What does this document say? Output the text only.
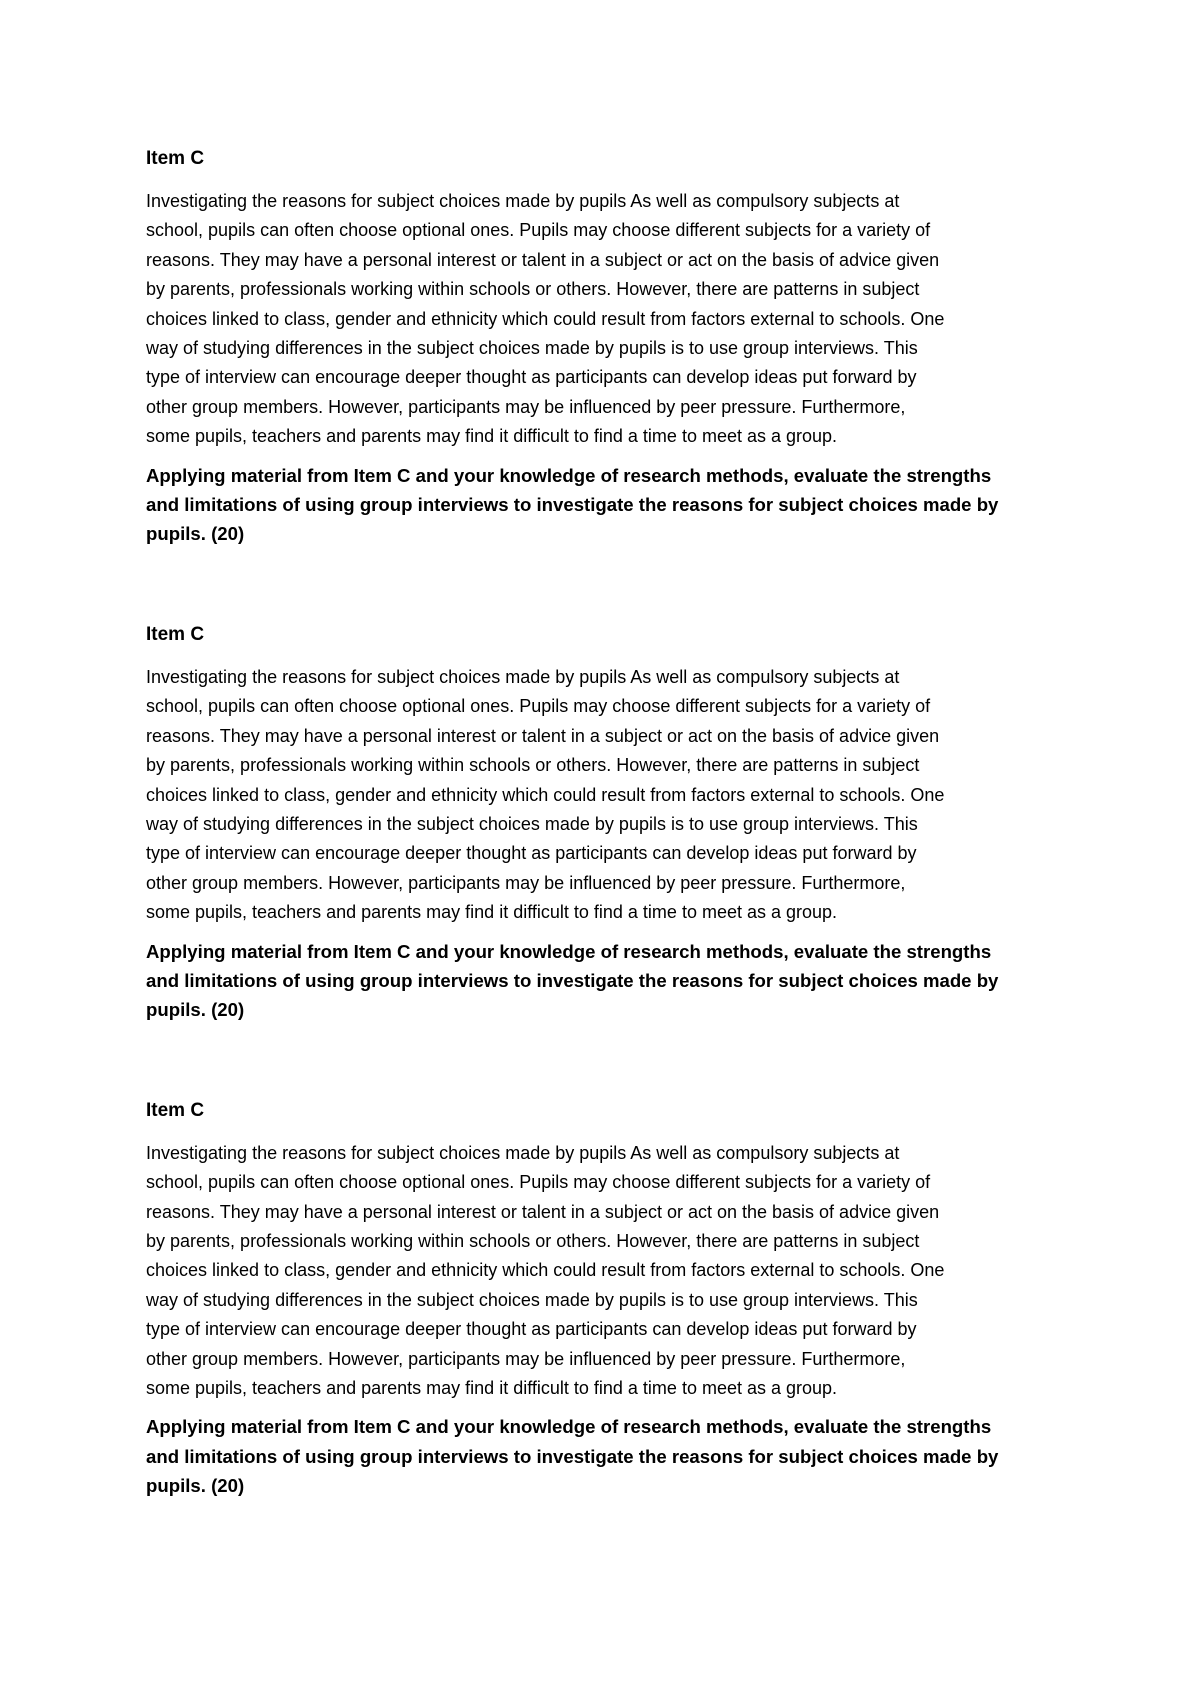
Item C
Investigating the reasons for subject choices made by pupils As well as compulsory subjects at
school, pupils can often choose optional ones. Pupils may choose different subjects for a variety of
reasons. They may have a personal interest or talent in a subject or act on the basis of advice given
by parents, professionals working within schools or others. However, there are patterns in subject
choices linked to class, gender and ethnicity which could result from factors external to schools. One
way of studying differences in the subject choices made by pupils is to use group interviews. This
type of interview can encourage deeper thought as participants can develop ideas put forward by
other group members. However, participants may be influenced by peer pressure. Furthermore,
some pupils, teachers and parents may find it difficult to find a time to meet as a group.
Applying material from Item C and your knowledge of research methods, evaluate the strengths
and limitations of using group interviews to investigate the reasons for subject choices made by
pupils. (20)
Item C
Investigating the reasons for subject choices made by pupils As well as compulsory subjects at
school, pupils can often choose optional ones. Pupils may choose different subjects for a variety of
reasons. They may have a personal interest or talent in a subject or act on the basis of advice given
by parents, professionals working within schools or others. However, there are patterns in subject
choices linked to class, gender and ethnicity which could result from factors external to schools. One
way of studying differences in the subject choices made by pupils is to use group interviews. This
type of interview can encourage deeper thought as participants can develop ideas put forward by
other group members. However, participants may be influenced by peer pressure. Furthermore,
some pupils, teachers and parents may find it difficult to find a time to meet as a group.
Applying material from Item C and your knowledge of research methods, evaluate the strengths
and limitations of using group interviews to investigate the reasons for subject choices made by
pupils. (20)
Item C
Investigating the reasons for subject choices made by pupils As well as compulsory subjects at
school, pupils can often choose optional ones. Pupils may choose different subjects for a variety of
reasons. They may have a personal interest or talent in a subject or act on the basis of advice given
by parents, professionals working within schools or others. However, there are patterns in subject
choices linked to class, gender and ethnicity which could result from factors external to schools. One
way of studying differences in the subject choices made by pupils is to use group interviews. This
type of interview can encourage deeper thought as participants can develop ideas put forward by
other group members. However, participants may be influenced by peer pressure. Furthermore,
some pupils, teachers and parents may find it difficult to find a time to meet as a group.
Applying material from Item C and your knowledge of research methods, evaluate the strengths
and limitations of using group interviews to investigate the reasons for subject choices made by
pupils. (20)
